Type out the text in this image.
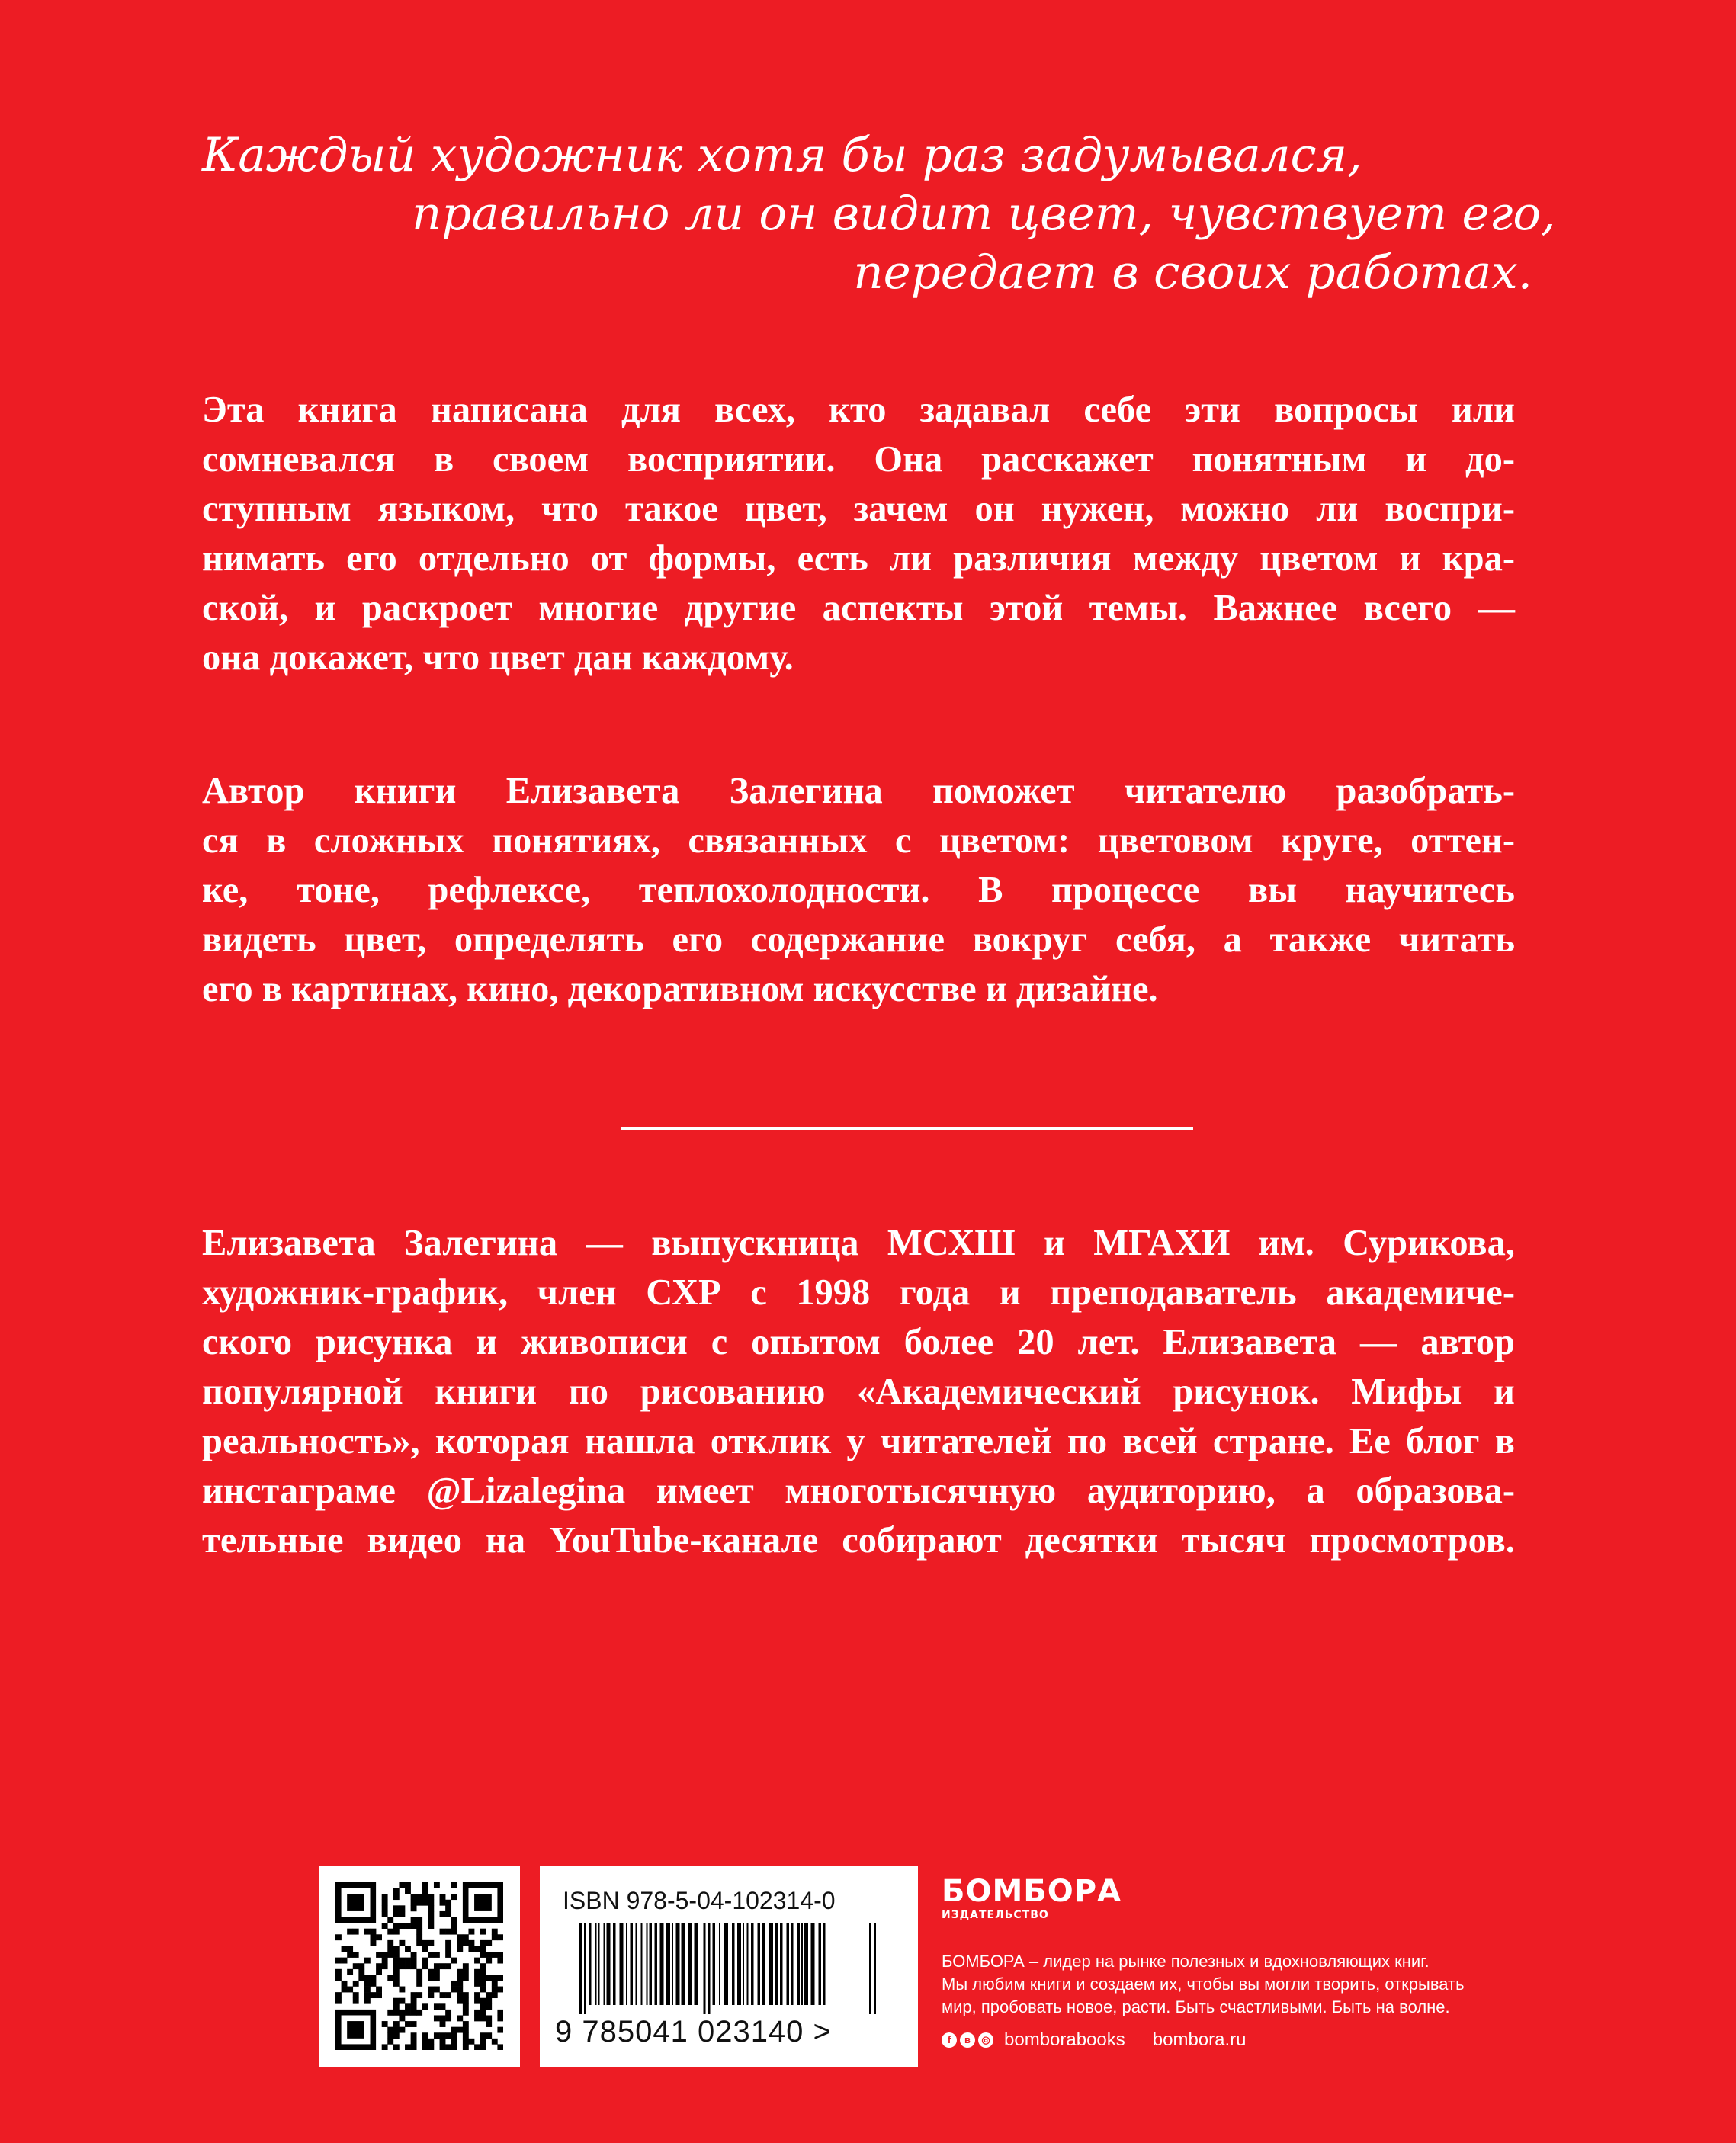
Каждый художник хотя бы раз задумывался,
правильно ли он видит цвет, чувствует его,
передает в своих работах.
Эта книга написана для всех, кто задавал себе эти вопросы или
сомневался в своем восприятии. Она расскажет понятным и до-
ступным языком, что такое цвет, зачем он нужен, можно ли воспри-
нимать его отдельно от формы, есть ли различия между цветом и кра-
ской, и раскроет многие другие аспекты этой темы. Важнее всего —
она докажет, что цвет дан каждому.
Автор книги Елизавета Залегина поможет читателю разобрать-
ся в сложных понятиях, связанных с цветом: цветовом круге, оттен-
ке, тоне, рефлексе, теплохолодности. В процессе вы научитесь
видеть цвет, определять его содержание вокруг себя, а также читать
его в картинах, кино, декоративном искусстве и дизайне.
Елизавета Залегина — выпускница МСХШ и МГАХИ им. Сурикова,
художник-график, член СХР с 1998 года и преподаватель академиче-
ского рисунка и живописи с опытом более 20 лет. Елизавета — автор
популярной книги по рисованию «Академический рисунок. Мифы и
реальность», которая нашла отклик у читателей по всей стране. Ее блог в
инстаграме @Lizalegina имеет многотысячную аудиторию, а образова-
тельные видео на YouTube-канале собирают десятки тысяч просмотров.
ISBN 978-5-04-102314-0
9 785041 023140 >
БОМБОРА
ИЗДАТЕЛЬСТВО
БОМБОРА – лидер на рынке полезных и вдохновляющих книг.
Мы любим книги и создаем их, чтобы вы могли творить, открывать
мир, пробовать новое, расти. Быть счастливыми. Быть на волне.
f	в	◎ bomborabooks bombora.ru
